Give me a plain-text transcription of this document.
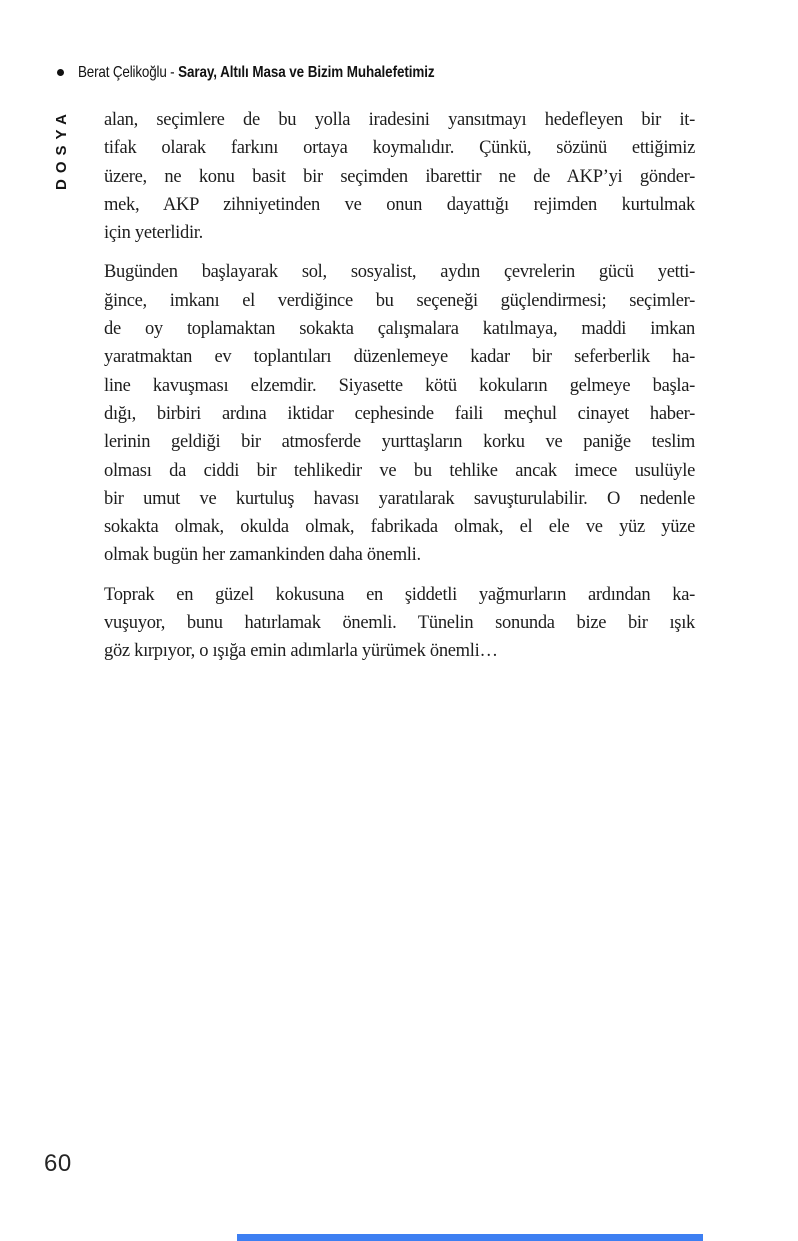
Berat Çelikoğlu - Saray, Altılı Masa ve Bizim Muhalefetimiz
DOSYA alan, seçimlere de bu yolla iradesini yansıtmayı hedefleyen bir it-
tifak olarak farkını ortaya koymalıdır. Çünkü, sözünü ettiğimiz
üzere, ne konu basit bir seçimden ibarettir ne de AKP’yi gönder-
mek, AKP zihniyetinden ve onun dayattığı rejimden kurtulmak
için yeterlidir.
Bugünden başlayarak sol, sosyalist, aydın çevrelerin gücü yetti-
ğince, imkanı el verdiğince bu seçeneği güçlendirmesi; seçimler-
de oy toplamaktan sokakta çalışmalara katılmaya, maddi imkan
yaratmaktan ev toplantıları düzenlemeye kadar bir seferberlik ha-
line kavuşması elzemdir. Siyasette kötü kokuların gelmeye başla-
dığı, birbiri ardına iktidar cephesinde faili meçhul cinayet haber-
lerinin geldiği bir atmosferde yurttaşların korku ve paniğe teslim
olması da ciddi bir tehlikedir ve bu tehlike ancak imece usulüyle
bir umut ve kurtuluş havası yaratılarak savuşturulabilir. O nedenle
sokakta olmak, okulda olmak, fabrikada olmak, el ele ve yüz yüze
olmak bugün her zamankinden daha önemli.
Toprak en güzel kokusuna en şiddetli yağmurların ardından ka-
vuşuyor, bunu hatırlamak önemli. Tünelin sonunda bize bir ışık
göz kırpıyor, o ışığa emin adımlarla yürümek önemli…
60
